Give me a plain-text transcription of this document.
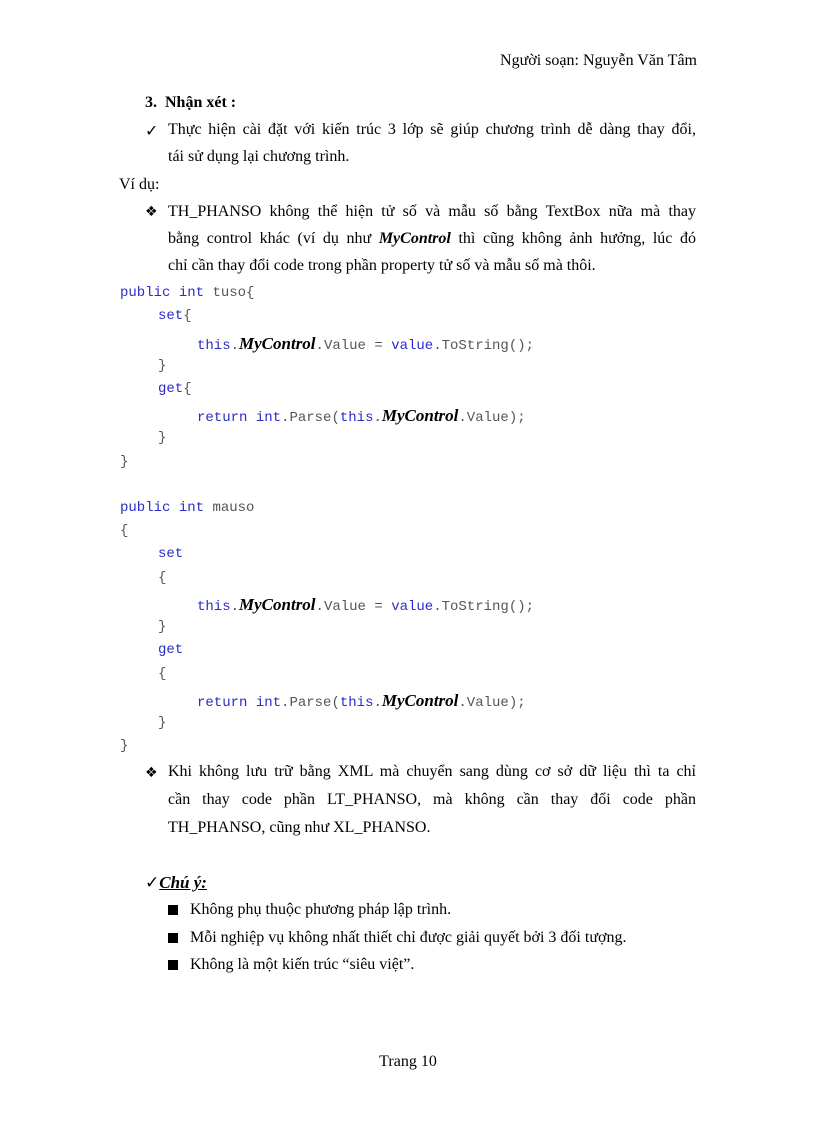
Người soạn: Nguyễn Văn Tâm
3. Nhận xét :
✓ Thực hiện cài đặt với kiến trúc 3 lớp sẽ giúp chương trình dễ dàng thay đổi,
tái sử dụng lại chương trình.
Ví dụ:
❖ TH_PHANSO không thể hiện tử số và mẫu số bằng TextBox nữa mà thay
bằng control khác (ví dụ như MyControl thì cũng không ảnh hưởng, lúc đó
chỉ cần thay đổi code trong phần property tử số và mẫu số mà thôi.
public int tuso{
set{
this.MyControl.Value = value.ToString();
}
get{
return int.Parse(this.MyControl.Value);
}
}
public int mauso
{
set
{
this.MyControl.Value = value.ToString();
}
get
{
return int.Parse(this.MyControl.Value);
}
}
❖ Khi không lưu trữ bằng XML mà chuyển sang dùng cơ sở dữ liệu thì ta chỉ
cần thay code phần LT_PHANSO, mà không cần thay đổi code phần
TH_PHANSO, cũng như XL_PHANSO.
✓Chú ý:
Không phụ thuộc phương pháp lập trình.
Mỗi nghiệp vụ không nhất thiết chỉ được giải quyết bởi 3 đối tượng.
Không là một kiến trúc “siêu việt”.
Trang 10
